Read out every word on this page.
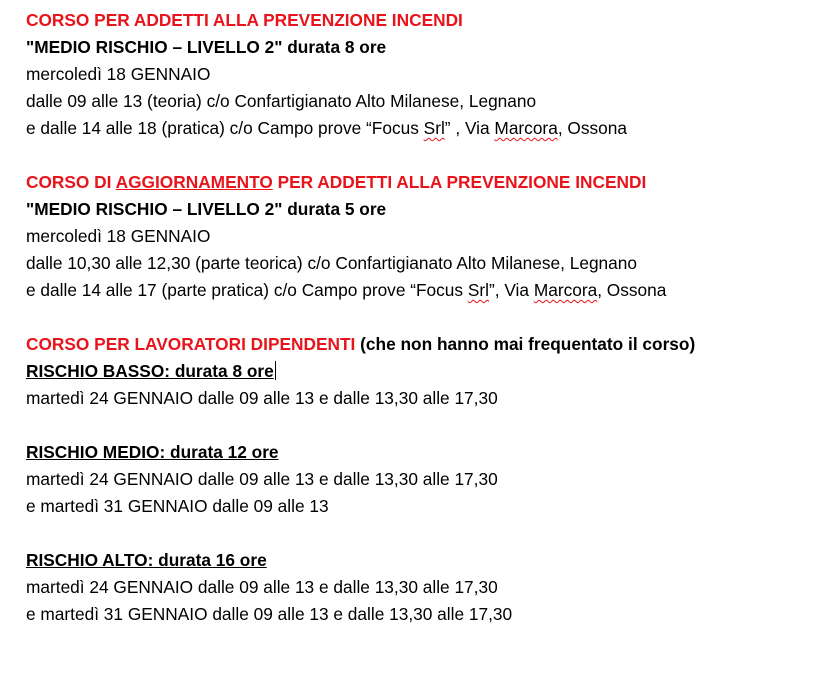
CORSO PER ADDETTI ALLA PREVENZIONE INCENDI
"MEDIO RISCHIO – LIVELLO 2" durata 8 ore
mercoledì 18 GENNAIO
dalle 09 alle 13 (teoria) c/o Confartigianato Alto Milanese, Legnano
e dalle 14 alle 18 (pratica) c/o Campo prove “Focus Srl” , Via Marcora, Ossona
CORSO DI AGGIORNAMENTO PER ADDETTI ALLA PREVENZIONE INCENDI
"MEDIO RISCHIO – LIVELLO 2" durata 5 ore
mercoledì 18 GENNAIO
dalle 10,30 alle 12,30 (parte teorica) c/o Confartigianato Alto Milanese, Legnano
e dalle 14 alle 17 (parte pratica) c/o Campo prove “Focus Srl”, Via Marcora, Ossona
CORSO PER LAVORATORI DIPENDENTI (che non hanno mai frequentato il corso)
RISCHIO BASSO: durata 8 ore
martedì 24 GENNAIO dalle 09 alle 13 e dalle 13,30 alle 17,30
RISCHIO MEDIO: durata 12 ore
martedì 24 GENNAIO dalle 09 alle 13 e dalle 13,30 alle 17,30
e martedì 31 GENNAIO dalle 09 alle 13
RISCHIO ALTO: durata 16 ore
martedì 24 GENNAIO dalle 09 alle 13 e dalle 13,30 alle 17,30
e martedì 31 GENNAIO dalle 09 alle 13 e dalle 13,30 alle 17,30
